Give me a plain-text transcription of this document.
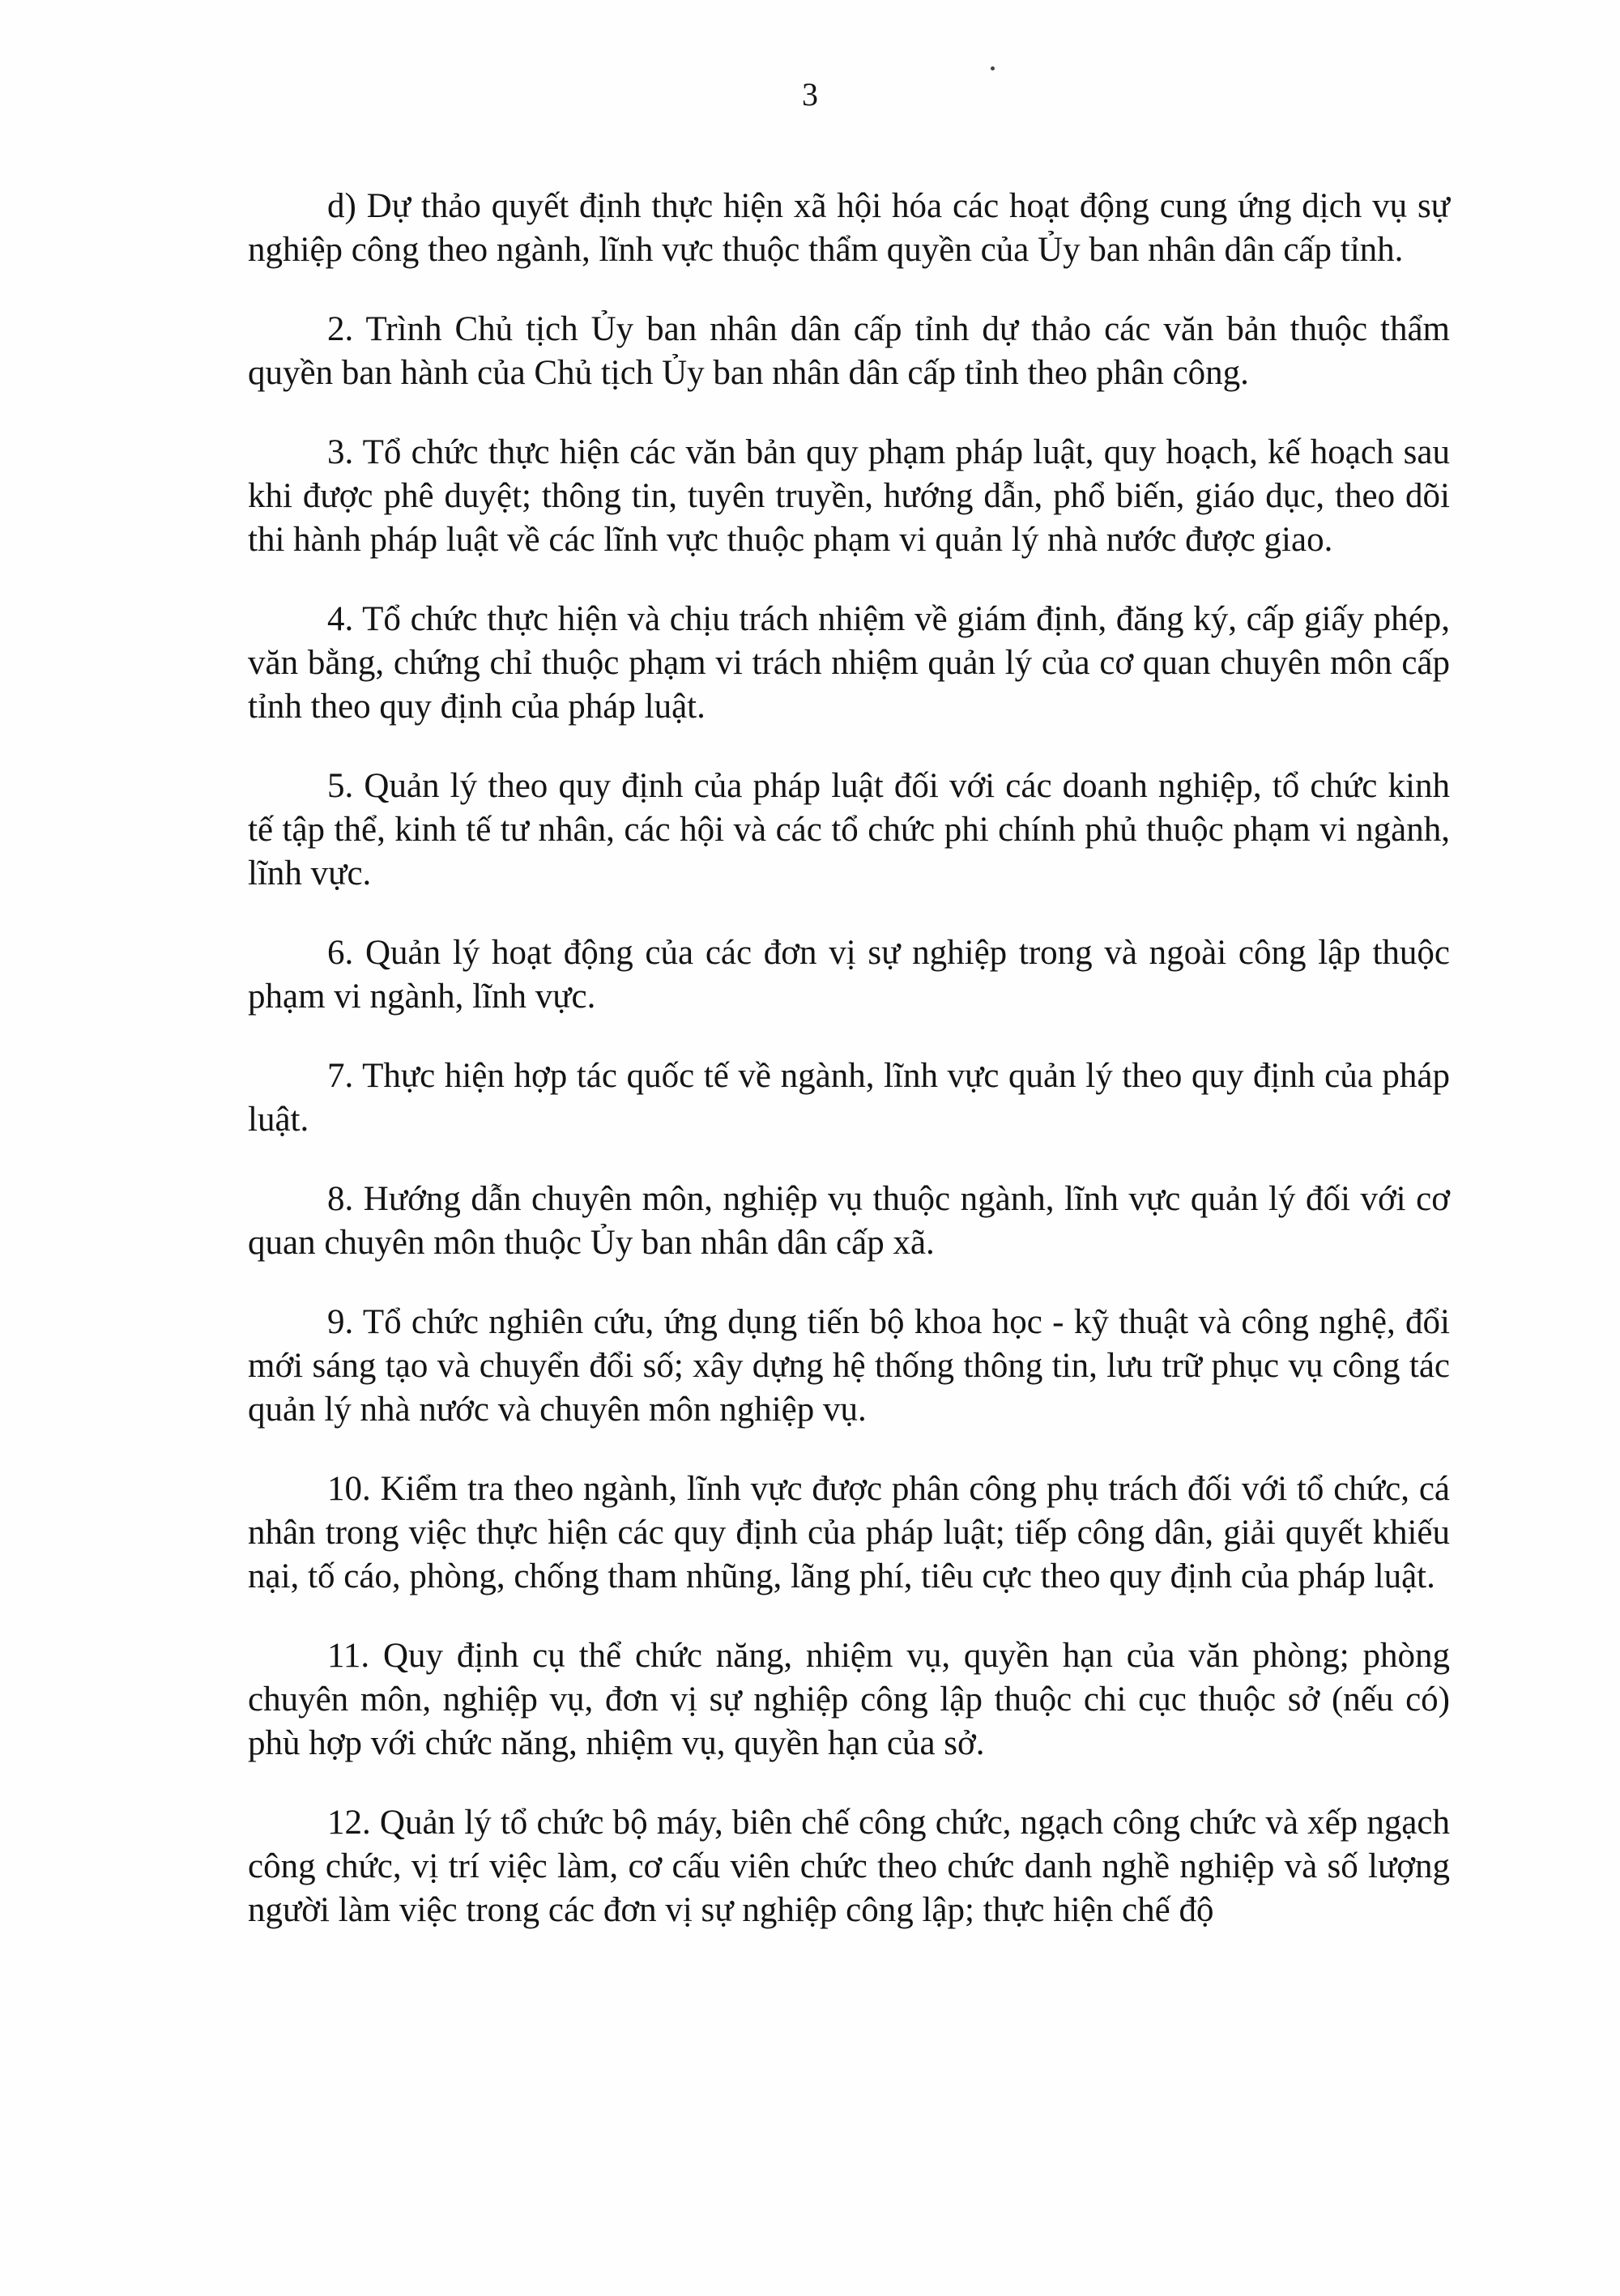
3

d) Dự thảo quyết định thực hiện xã hội hóa các hoạt động cung ứng dịch vụ sự nghiệp công theo ngành, lĩnh vực thuộc thẩm quyền của Ủy ban nhân dân cấp tỉnh.

2. Trình Chủ tịch Ủy ban nhân dân cấp tỉnh dự thảo các văn bản thuộc thẩm quyền ban hành của Chủ tịch Ủy ban nhân dân cấp tỉnh theo phân công.

3. Tổ chức thực hiện các văn bản quy phạm pháp luật, quy hoạch, kế hoạch sau khi được phê duyệt; thông tin, tuyên truyền, hướng dẫn, phổ biến, giáo dục, theo dõi thi hành pháp luật về các lĩnh vực thuộc phạm vi quản lý nhà nước được giao.

4. Tổ chức thực hiện và chịu trách nhiệm về giám định, đăng ký, cấp giấy phép, văn bằng, chứng chỉ thuộc phạm vi trách nhiệm quản lý của cơ quan chuyên môn cấp tỉnh theo quy định của pháp luật.

5. Quản lý theo quy định của pháp luật đối với các doanh nghiệp, tổ chức kinh tế tập thể, kinh tế tư nhân, các hội và các tổ chức phi chính phủ thuộc phạm vi ngành, lĩnh vực.

6. Quản lý hoạt động của các đơn vị sự nghiệp trong và ngoài công lập thuộc phạm vi ngành, lĩnh vực.

7. Thực hiện hợp tác quốc tế về ngành, lĩnh vực quản lý theo quy định của pháp luật.

8. Hướng dẫn chuyên môn, nghiệp vụ thuộc ngành, lĩnh vực quản lý đối với cơ quan chuyên môn thuộc Ủy ban nhân dân cấp xã.

9. Tổ chức nghiên cứu, ứng dụng tiến bộ khoa học - kỹ thuật và công nghệ, đổi mới sáng tạo và chuyển đổi số; xây dựng hệ thống thông tin, lưu trữ phục vụ công tác quản lý nhà nước và chuyên môn nghiệp vụ.

10. Kiểm tra theo ngành, lĩnh vực được phân công phụ trách đối với tổ chức, cá nhân trong việc thực hiện các quy định của pháp luật; tiếp công dân, giải quyết khiếu nại, tố cáo, phòng, chống tham nhũng, lãng phí, tiêu cực theo quy định của pháp luật.

11. Quy định cụ thể chức năng, nhiệm vụ, quyền hạn của văn phòng; phòng chuyên môn, nghiệp vụ, đơn vị sự nghiệp công lập thuộc chi cục thuộc sở (nếu có) phù hợp với chức năng, nhiệm vụ, quyền hạn của sở.

12. Quản lý tổ chức bộ máy, biên chế công chức, ngạch công chức và xếp ngạch công chức, vị trí việc làm, cơ cấu viên chức theo chức danh nghề nghiệp và số lượng người làm việc trong các đơn vị sự nghiệp công lập; thực hiện chế độ
